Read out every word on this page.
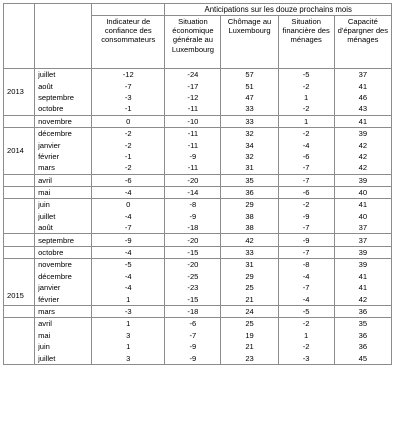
			Anticipations sur les douze prochains mois			
		Indicateur de confiance des consommateurs	Situation économique générale au Luxembourg	Chômage au Luxembourg	Situation financière des ménages	Capacité d'épargner des ménages
2013	juillet	-12	-24	57	-5	37
	août	-7	-17	51	-2	41
	septembre	-3	-12	47	1	46
	octobre	-1	-11	33	-2	43
	novembre	0	-10	33	1	41
2014	décembre	-2	-11	32	-2	39
	janvier	-2	-11	34	-4	42
	février	-1	-9	32	-6	42
	mars	-2	-11	31	-7	42
	avril	-6	-20	35	-7	39
	mai	-4	-14	36	-6	40
	juin	0	-8	29	-2	41
	juillet	-4	-9	38	-9	40
	août	-7	-18	38	-7	37
	septembre	-9	-20	42	-9	37
	octobre	-4	-15	33	-7	39
2015	novembre	-5	-20	31	-8	39
	décembre	-4	-25	29	-4	41
	janvier	-4	-23	25	-7	41
	février	1	-15	21	-4	42
	mars	-3	-18	24	-5	36
	avril	1	-6	25	-2	35
	mai	3	-7	19	1	36
	juin	1	-9	21	-2	36
	juillet	3	-9	23	-3	45
